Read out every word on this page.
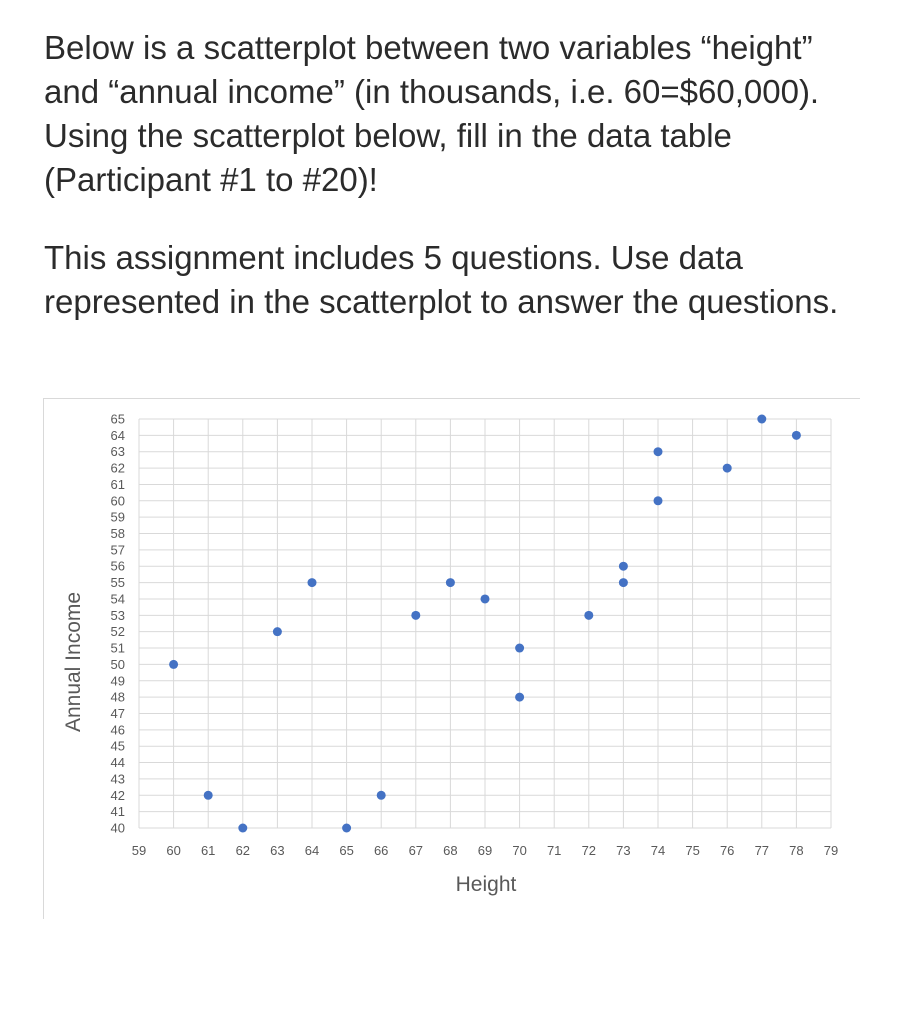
Below is a scatterplot between two variables “height” and “annual income” (in thousands, i.e. 60=$60,000). Using the scatterplot below, fill in the data table (Participant #1 to #20)!

This assignment includes 5 questions. Use data represented in the scatterplot to answer the questions.

40
41
42
43
44
45
46
47
48
49
50
51
52
53
54
55
56
57
58
59
60
61
62
63
64
65
59 60 61 62 63 64 65 66 67 68 69 70 71 72 73 74 75 76 77 78 79
Height
Annual Income
